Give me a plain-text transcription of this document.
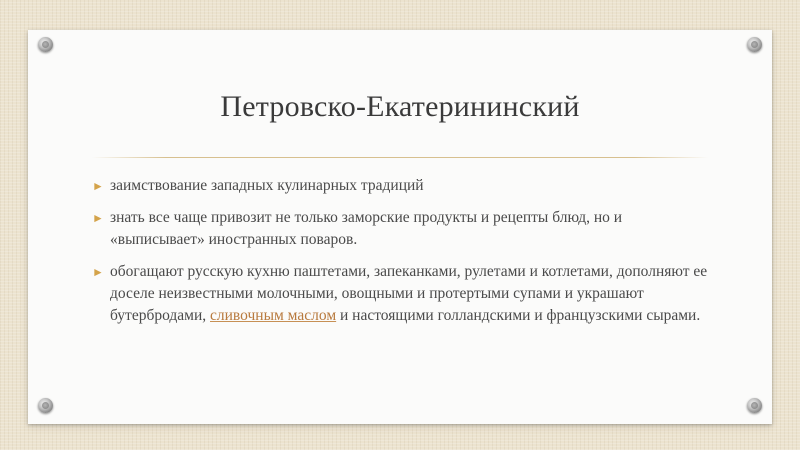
Петровско-Екатерининский
► заимствование западных кулинарных традиций
► знать все чаще привозит не только заморские продукты и рецепты блюд, но и «выписывает» иностранных поваров.
► обогащают русскую кухню паштетами, запеканками, рулетами и котлетами, дополняют ее доселе неизвестными молочными, овощными и протертыми супами и украшают бутербродами, сливочным маслом и настоящими голландскими и французскими сырами.
